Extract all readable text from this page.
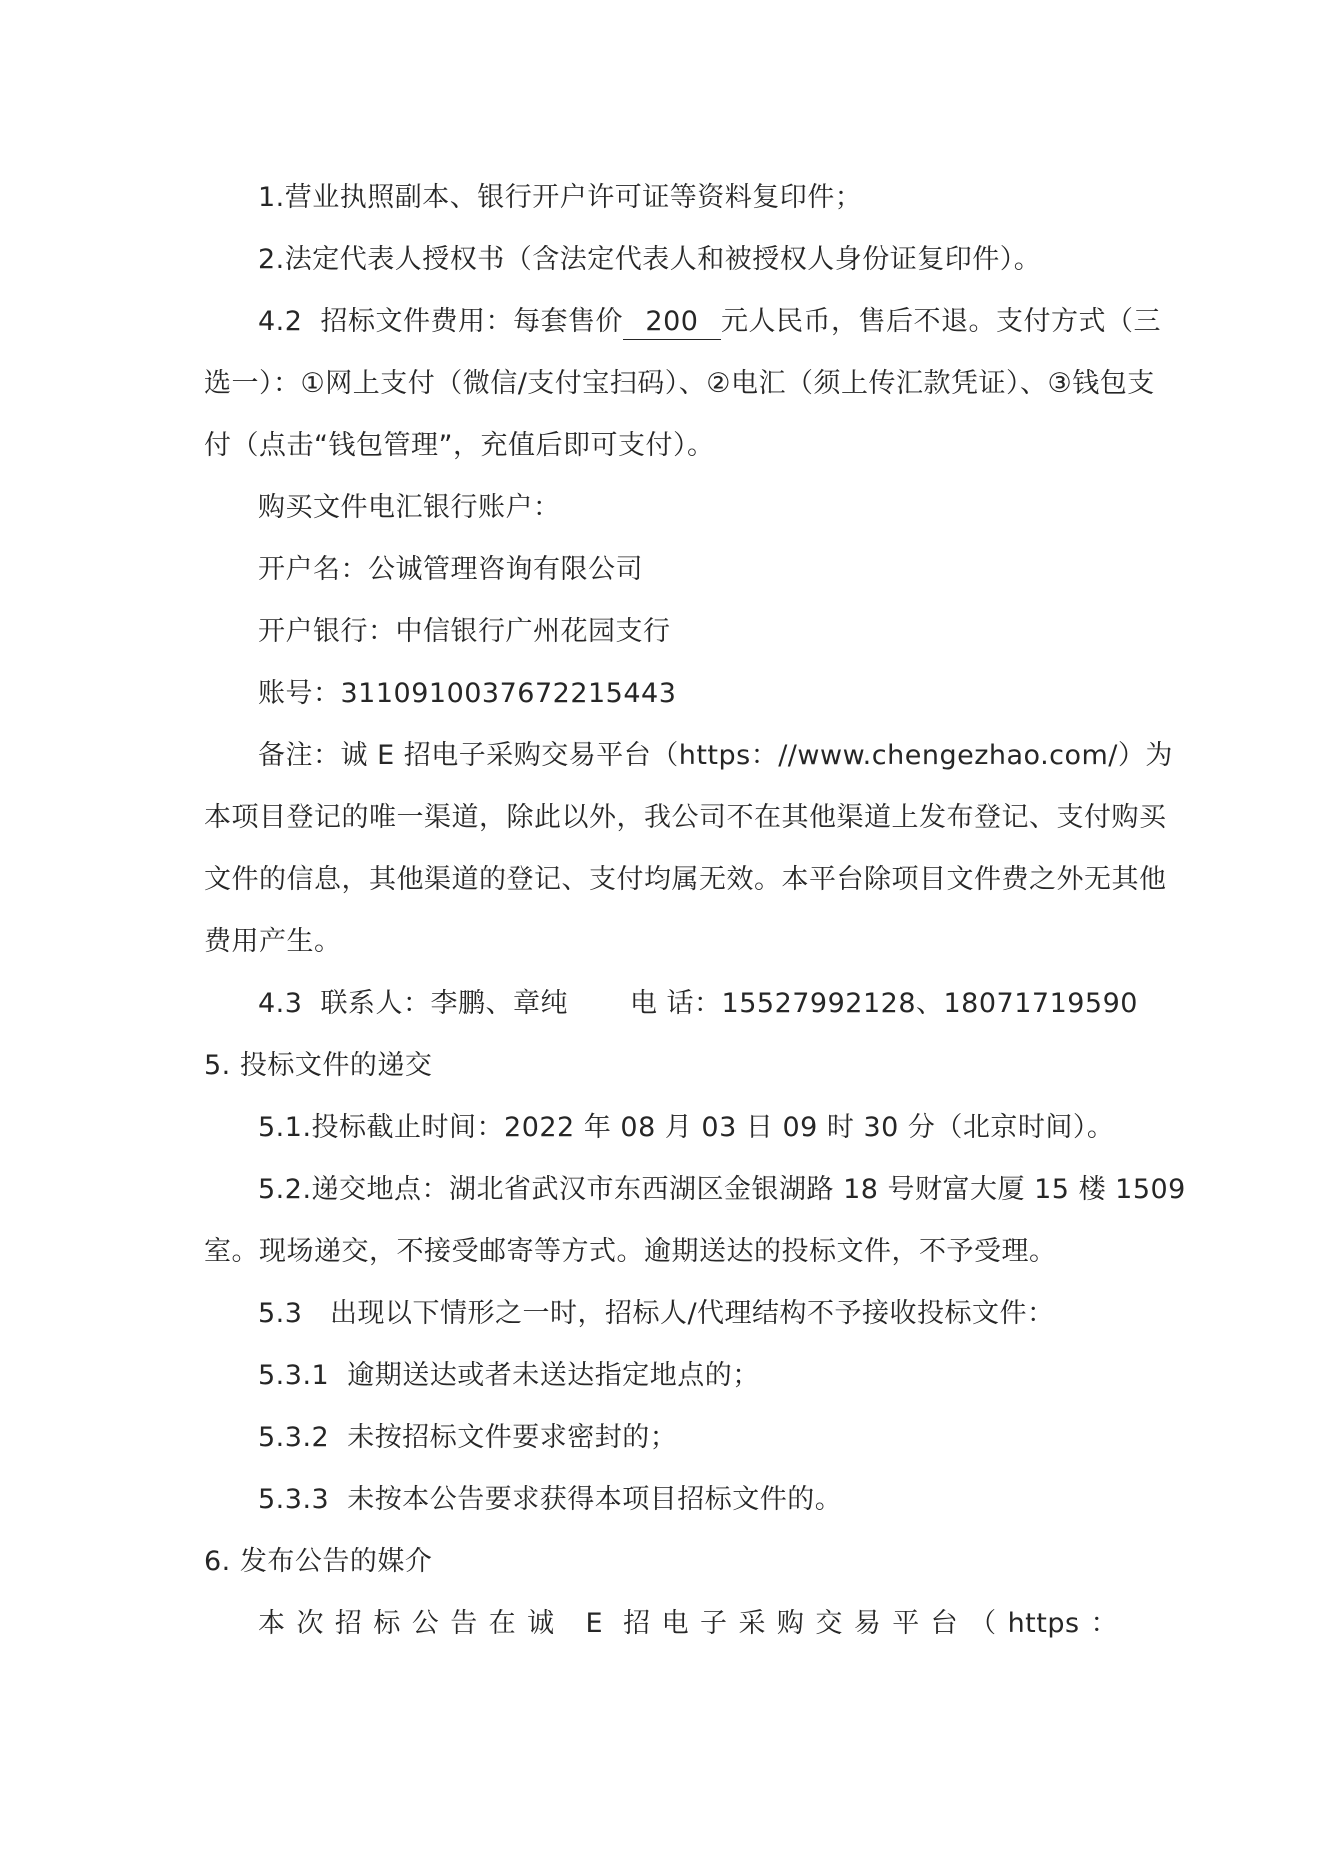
1.营业执照副本、银行开户许可证等资料复印件；
2.法定代表人授权书（含法定代表人和被授权人身份证复印件）。
4.2 招标文件费用：每套售价 200 元人民币，售后不退。支付方式（三
选一）：①网上支付（微信/支付宝扫码）、②电汇（须上传汇款凭证）、③钱包支
付（点击“钱包管理”，充值后即可支付）。
购买文件电汇银行账户：
开户名：公诚管理咨询有限公司
开户银行：中信银行广州花园支行
账号：3110910037672215443
备注：诚 E 招电子采购交易平台（https：//www.chengezhao.com/）为
本项目登记的唯一渠道，除此以外，我公司不在其他渠道上发布登记、支付购买
文件的信息，其他渠道的登记、支付均属无效。本平台除项目文件费之外无其他
费用产生。
4.3 联系人：李鹏、章纯 电 话：15527992128、18071719590
5. 投标文件的递交
5.1.投标截止时间：2022 年 08 月 03 日 09 时 30 分（北京时间）。
5.2.递交地点：湖北省武汉市东西湖区金银湖路 18 号财富大厦 15 楼 1509
室。现场递交，不接受邮寄等方式。逾期送达的投标文件，不予受理。
5.3　出现以下情形之一时，招标人/代理结构不予接收投标文件：
5.3.1 逾期送达或者未送达指定地点的；
5.3.2 未按招标文件要求密封的；
5.3.3 未按本公告要求获得本项目招标文件的。
6. 发布公告的媒介
本次招标公告在诚 E 招电子采购交易平台（https：
